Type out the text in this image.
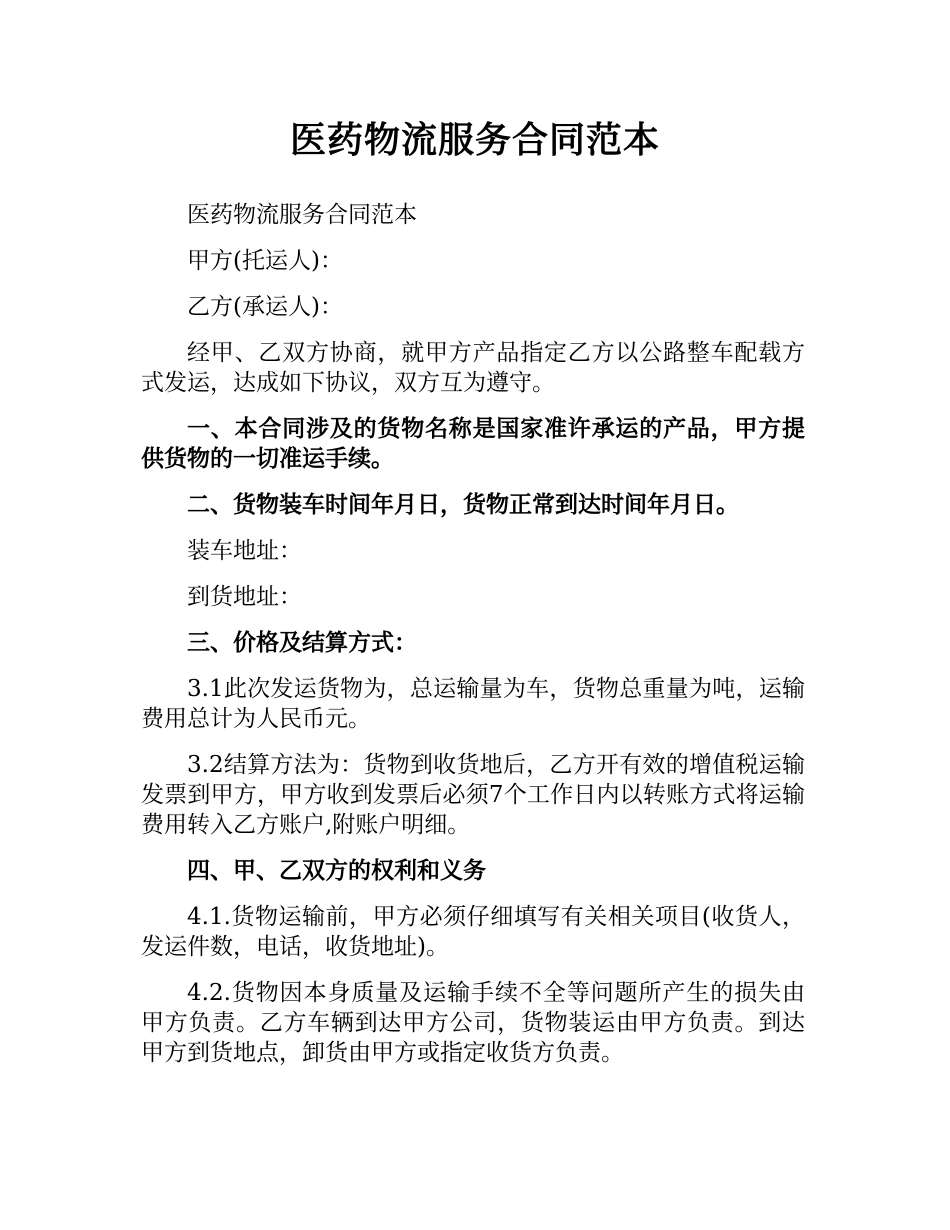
医药物流服务合同范本

医药物流服务合同范本

甲方(托运人)：

乙方(承运人)：

经甲、乙双方协商，就甲方产品指定乙方以公路整车配载方式发运，达成如下协议，双方互为遵守。

一、本合同涉及的货物名称是国家准许承运的产品，甲方提供货物的一切准运手续。

二、货物装车时间年月日，货物正常到达时间年月日。

装车地址：

到货地址：

三、价格及结算方式：

3.1此次发运货物为，总运输量为车，货物总重量为吨，运输费用总计为人民币元。

3.2结算方法为：货物到收货地后，乙方开有效的增值税运输发票到甲方，甲方收到发票后必须7个工作日内以转账方式将运输费用转入乙方账户,附账户明细。

四、甲、乙双方的权利和义务

4.1.货物运输前，甲方必须仔细填写有关相关项目(收货人，发运件数，电话，收货地址)。

4.2.货物因本身质量及运输手续不全等问题所产生的损失由甲方负责。乙方车辆到达甲方公司，货物装运由甲方负责。到达甲方到货地点，卸货由甲方或指定收货方负责。
